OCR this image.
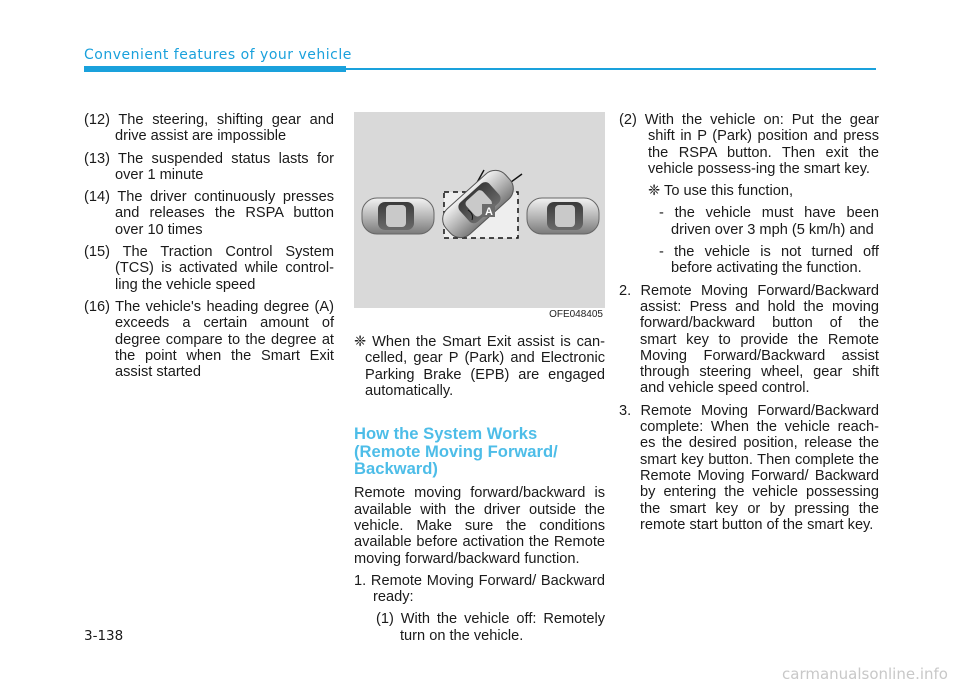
Convenient features of your vehicle

(12) The steering, shifting gear and drive assist are impossible

(13) The suspended status lasts for over 1 minute

(14) The driver continuously presses and releases the RSPA button over 10 times

(15) The Traction Control System (TCS) is activated while control-ling the vehicle speed

(16) The vehicle's heading degree (A) exceeds a certain amount of degree compare to the degree at the point when the Smart Exit assist started

A
OFE048405

❈ When the Smart Exit assist is can-celled, gear P (Park) and Electronic Parking Brake (EPB) are engaged automatically.

How the System Works (Remote Moving Forward/ Backward)

Remote moving forward/backward is available with the driver outside the vehicle. Make sure the conditions available before activation the Remote moving forward/backward function.

1. Remote Moving Forward/ Backward ready:

(1) With the vehicle off: Remotely turn on the vehicle.

(2) With the vehicle on: Put the gear shift in P (Park) position and press the RSPA button. Then exit the vehicle possess-ing the smart key.

❈ To use this function,

- the vehicle must have been driven over 3 mph (5 km/h) and

- the vehicle is not turned off before activating the function.

2. Remote Moving Forward/Backward assist: Press and hold the moving forward/backward button of the smart key to provide the Remote Moving Forward/Backward assist through steering wheel, gear shift and vehicle speed control.

3. Remote Moving Forward/Backward complete: When the vehicle reach-es the desired position, release the smart key button. Then complete the Remote Moving Forward/ Backward by entering the vehicle possessing the smart key or by pressing the remote start button of the smart key.

3-138
carmanualsonline.info
